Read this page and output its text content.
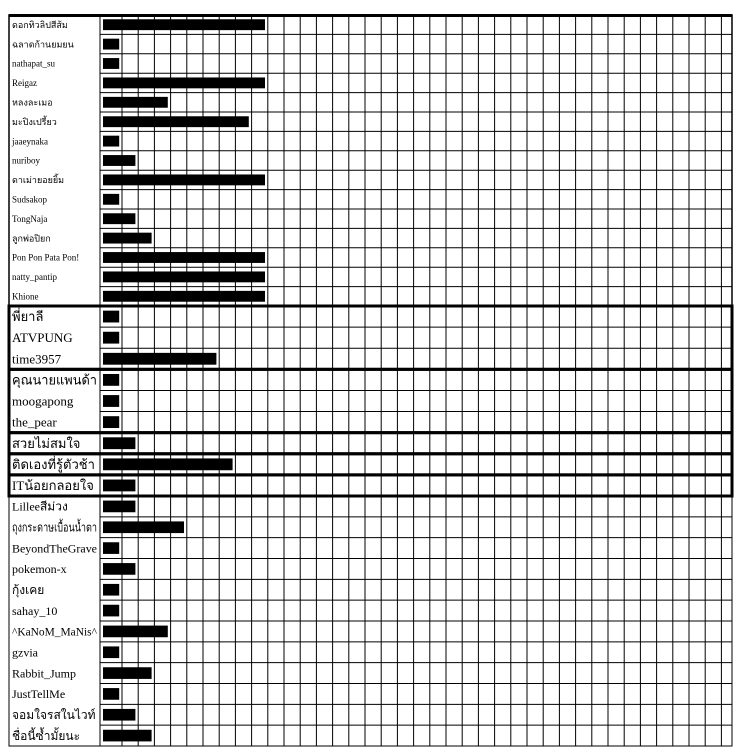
ดอกทิวลิปสีส้ม
ฉลาดก้านยมยน
nathapat_su
Reigaz
หลงละเมอ
มะปิงเปรี้ยว
jaaeynaka
nuriboy
ดาเม่ายอยยิ้ม
Sudsakop
TongNaja
ลูกพ่อปิยก
Pon Pon Pata Pon!
natty_pantip
Khione
พี่ยาลี
ATVPUNG
time3957
คุณนายแพนด้า
moogapong
the_pear
สวยไม่สมใจ
ติดเองที่รู้ตัวช้า
ITน้อยกลอยใจ
Lilleeสีม่วง
ถุงกระดาษเบื้อนน้ำตา
BeyondTheGrave
pokemon-x
กุ้งเคย
sahay_10
^KaNoM_MaNis^
gzvia
Rabbit_Jump
JustTellMe
จอมใจรสในไวท์
ชื่อนี้ซ้ำมั้ยนะ
